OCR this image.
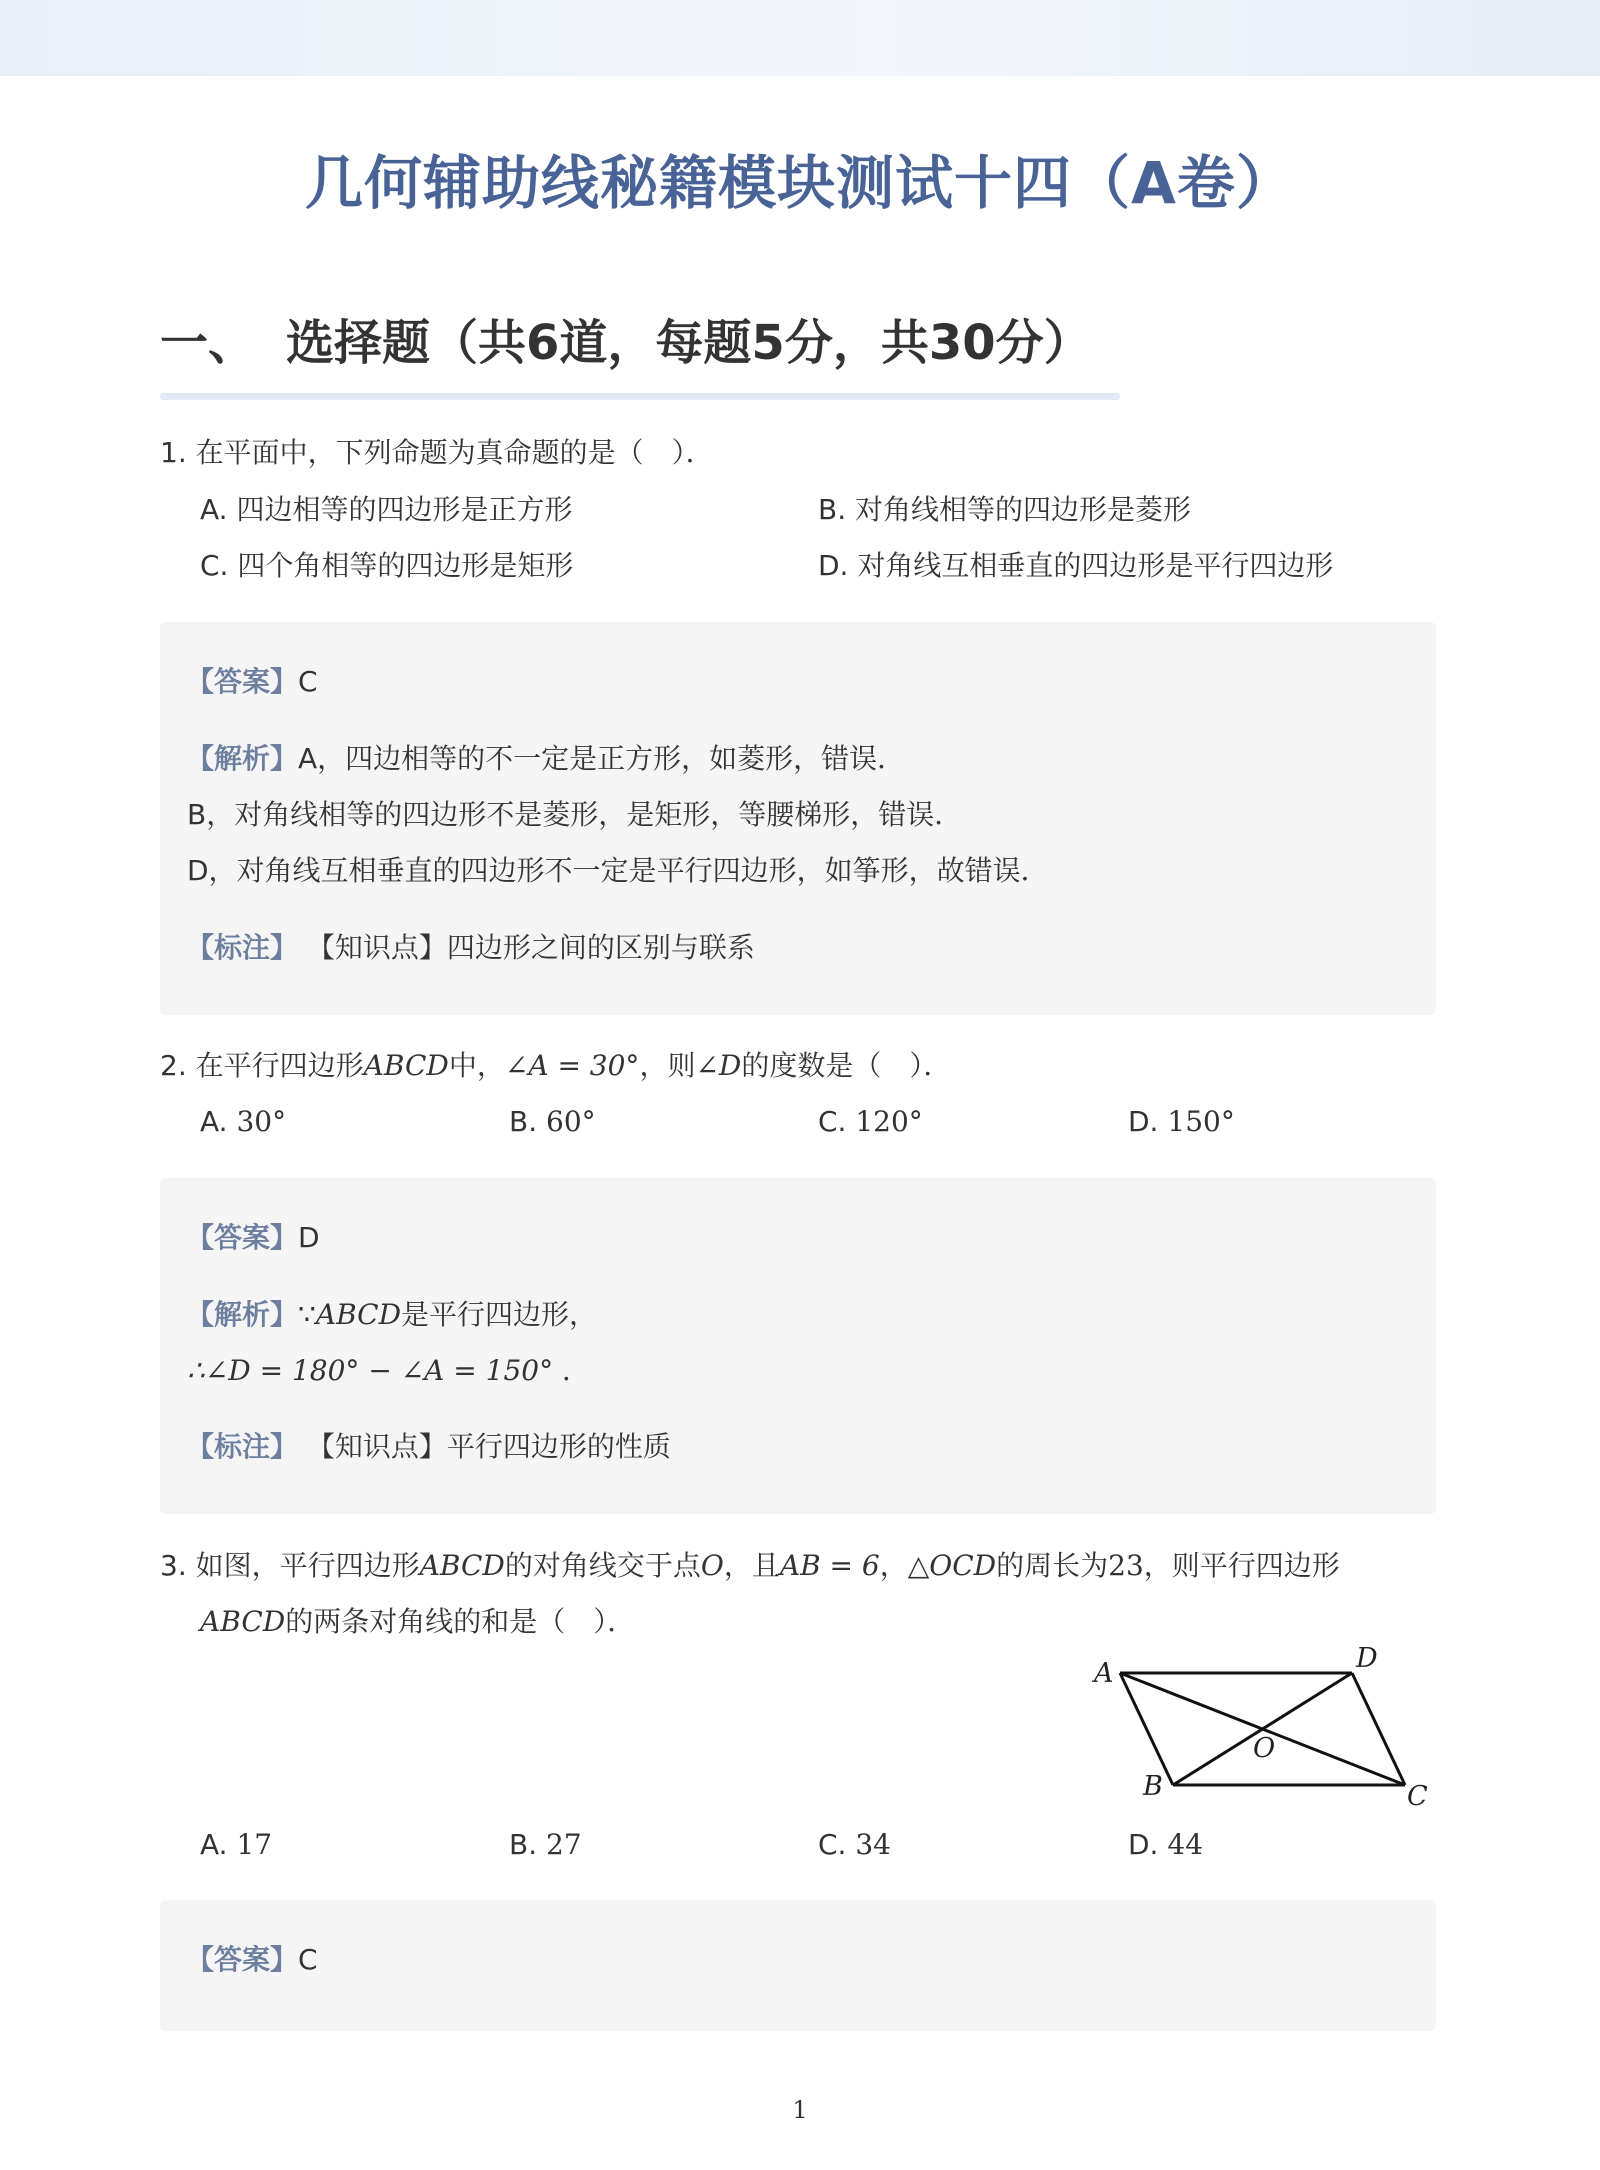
几何辅助线秘籍模块测试十四（A卷）
一、 选择题（共6道，每题5分，共30分）
1. 在平面中，下列命题为真命题的是（　）．
A. 四边相等的四边形是正方形	B. 对角线相等的四边形是菱形
C. 四个角相等的四边形是矩形	D. 对角线互相垂直的四边形是平行四边形
【答案】C
【解析】A，四边相等的不一定是正方形，如菱形，错误．
B，对角线相等的四边形不是菱形，是矩形，等腰梯形，错误．
D，对角线互相垂直的四边形不一定是平行四边形，如筝形，故错误．
【标注】 【知识点】四边形之间的区别与联系
2. 在平行四边形ABCD中，∠A = 30°，则∠D的度数是（　）．
A. 30°	B. 60°	C. 120°	D. 150°
【答案】D
【解析】∵ABCD是平行四边形，
∴∠D = 180° − ∠A = 150° ．
【标注】 【知识点】平行四边形的性质
3. 如图，平行四边形ABCD的对角线交于点O，且AB = 6，△OCD的周长为23，则平行四边形
ABCD的两条对角线的和是（　）．
A	D
B	C
O
A. 17	B. 27	C. 34	D. 44
【答案】C
1
